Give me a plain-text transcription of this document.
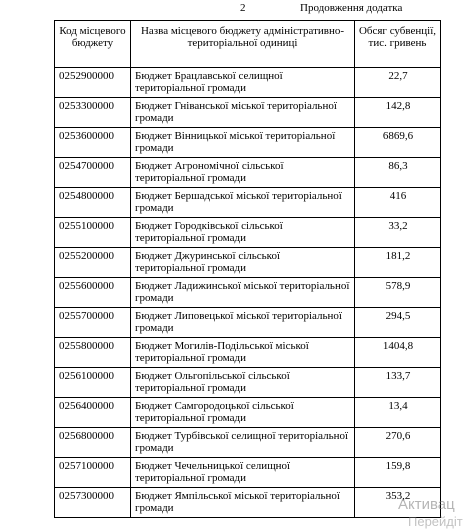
2	Продовження додатка
Код місцевого бюджету	Назва місцевого бюджету адміністративно-територіальної одиниці	Обсяг субвенції, тис. гривень
0252900000	Бюджет Брацлавської селищної територіальної громади	22,7
0253300000	Бюджет Гніванської міської територіальної громади	142,8
0253600000	Бюджет Вінницької міської територіальної громади	6869,6
0254700000	Бюджет Агрономічної сільської територіальної громади	86,3
0254800000	Бюджет Бершадської міської територіальної громади	416
0255100000	Бюджет Городківської сільської територіальної громади	33,2
0255200000	Бюджет Джуринської сільської територіальної громади	181,2
0255600000	Бюджет Ладижинської міської територіальної громади	578,9
0255700000	Бюджет Липовецької міської територіальної громади	294,5
0255800000	Бюджет Могилів-Подільської міської територіальної громади	1404,8
0256100000	Бюджет Ольгопільської сільської територіальної громади	133,7
0256400000	Бюджет Самгородоцької сільської територіальної громади	13,4
0256800000	Бюджет Турбівської селищної територіальної громади	270,6
0257100000	Бюджет Чечельницької селищної територіальної громади	159,8
0257300000	Бюджет Ямпільської міської територіальної громади	353,2
Активац
Перейдіт
